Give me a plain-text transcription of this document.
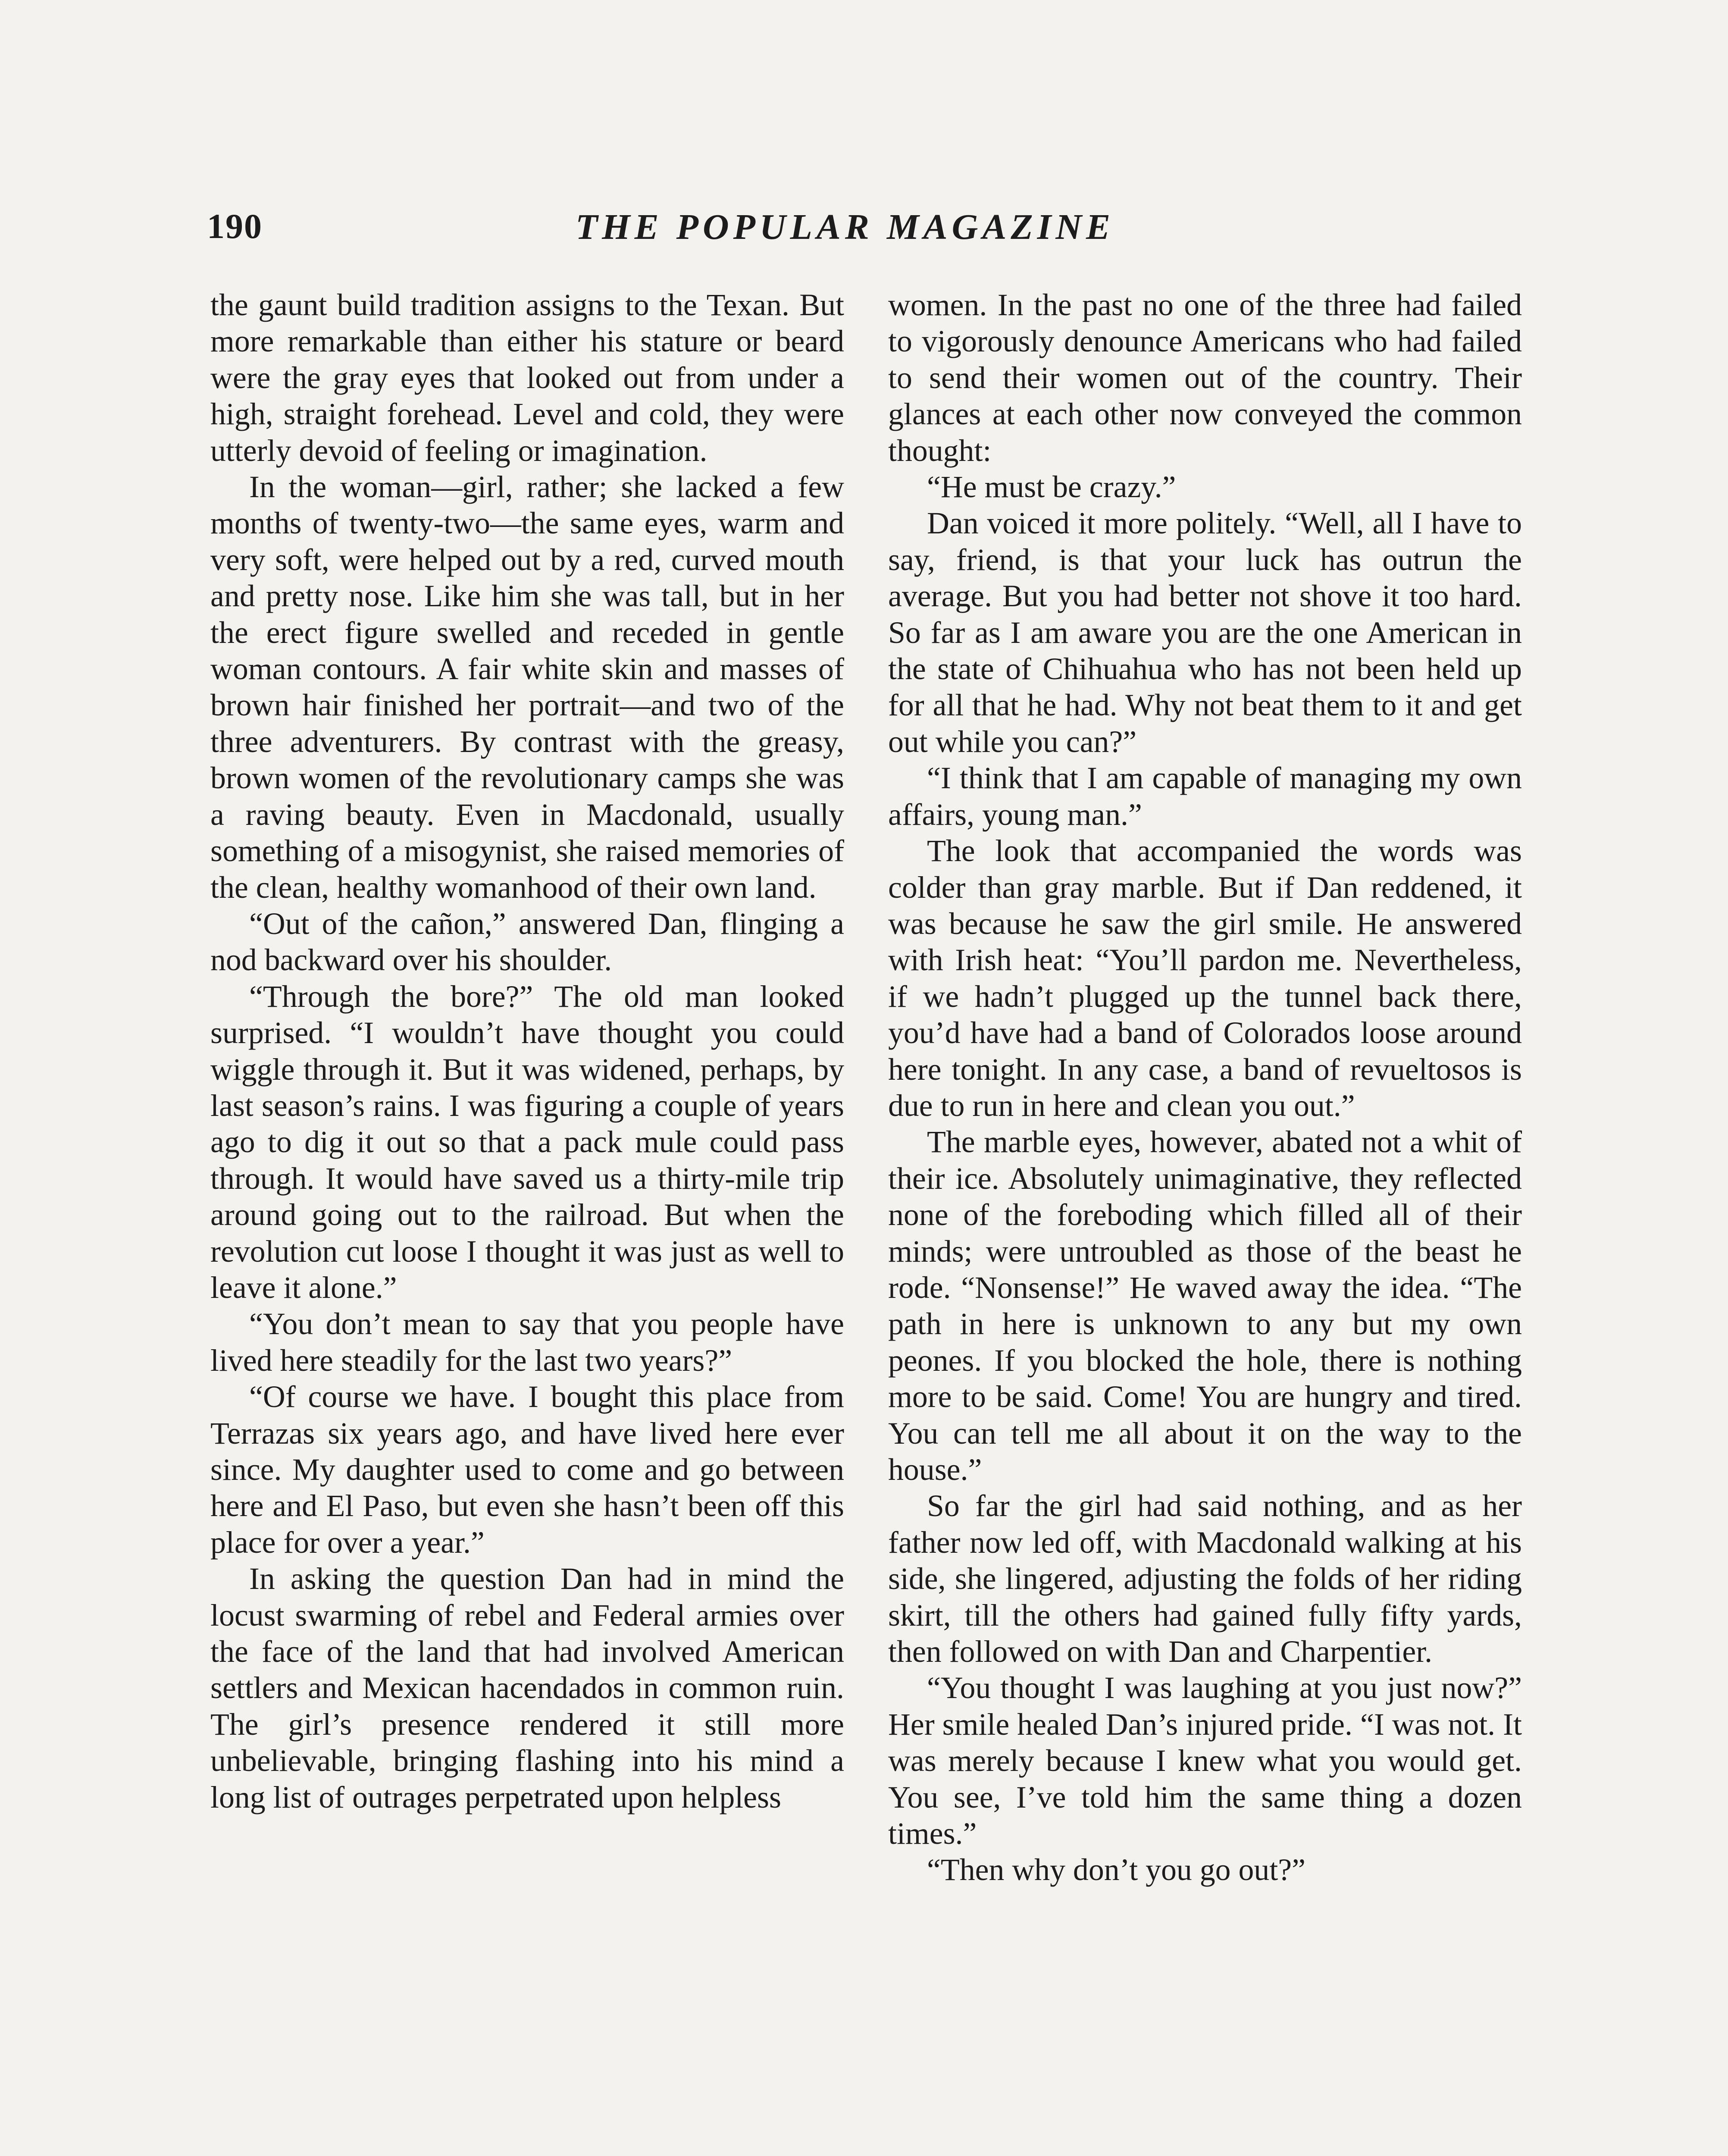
190	THE POPULAR MAGAZINE

the gaunt build tradition assigns to the Texan. But more remarkable than either his stature or beard were the gray eyes that looked out from under a high, straight forehead. Level and cold, they were utterly devoid of feeling or imagination.

In the woman—girl, rather; she lacked a few months of twenty-two—the same eyes, warm and very soft, were helped out by a red, curved mouth and pretty nose. Like him she was tall, but in her the erect figure swelled and receded in gentle woman contours. A fair white skin and masses of brown hair finished her portrait—and two of the three adventurers. By contrast with the greasy, brown women of the revolutionary camps she was a raving beauty. Even in Macdonald, usually something of a misogynist, she raised memories of the clean, healthy womanhood of their own land.

“Out of the cañon,” answered Dan, flinging a nod backward over his shoulder.

“Through the bore?” The old man looked surprised. “I wouldn’t have thought you could wiggle through it. But it was widened, perhaps, by last season’s rains. I was figuring a couple of years ago to dig it out so that a pack mule could pass through. It would have saved us a thirty-mile trip around going out to the railroad. But when the revolution cut loose I thought it was just as well to leave it alone.”

“You don’t mean to say that you people have lived here steadily for the last two years?”

“Of course we have. I bought this place from Terrazas six years ago, and have lived here ever since. My daughter used to come and go between here and El Paso, but even she hasn’t been off this place for over a year.”

In asking the question Dan had in mind the locust swarming of rebel and Federal armies over the face of the land that had involved American settlers and Mexican hacendados in common ruin. The girl’s presence rendered it still more unbelievable, bringing flashing into his mind a long list of outrages perpetrated upon helpless

women. In the past no one of the three had failed to vigorously denounce Americans who had failed to send their women out of the country. Their glances at each other now conveyed the common thought:

“He must be crazy.”

Dan voiced it more politely. “Well, all I have to say, friend, is that your luck has outrun the average. But you had better not shove it too hard. So far as I am aware you are the one American in the state of Chihuahua who has not been held up for all that he had. Why not beat them to it and get out while you can?”

“I think that I am capable of managing my own affairs, young man.”

The look that accompanied the words was colder than gray marble. But if Dan reddened, it was because he saw the girl smile. He answered with Irish heat: “You’ll pardon me. Nevertheless, if we hadn’t plugged up the tunnel back there, you’d have had a band of Colorados loose around here tonight. In any case, a band of revueltosos is due to run in here and clean you out.”

The marble eyes, however, abated not a whit of their ice. Absolutely unimaginative, they reflected none of the foreboding which filled all of their minds; were untroubled as those of the beast he rode. “Nonsense!” He waved away the idea. “The path in here is unknown to any but my own peones. If you blocked the hole, there is nothing more to be said. Come! You are hungry and tired. You can tell me all about it on the way to the house.”

So far the girl had said nothing, and as her father now led off, with Macdonald walking at his side, she lingered, adjusting the folds of her riding skirt, till the others had gained fully fifty yards, then followed on with Dan and Charpentier.

“You thought I was laughing at you just now?” Her smile healed Dan’s injured pride. “I was not. It was merely because I knew what you would get. You see, I’ve told him the same thing a dozen times.”

“Then why don’t you go out?”
